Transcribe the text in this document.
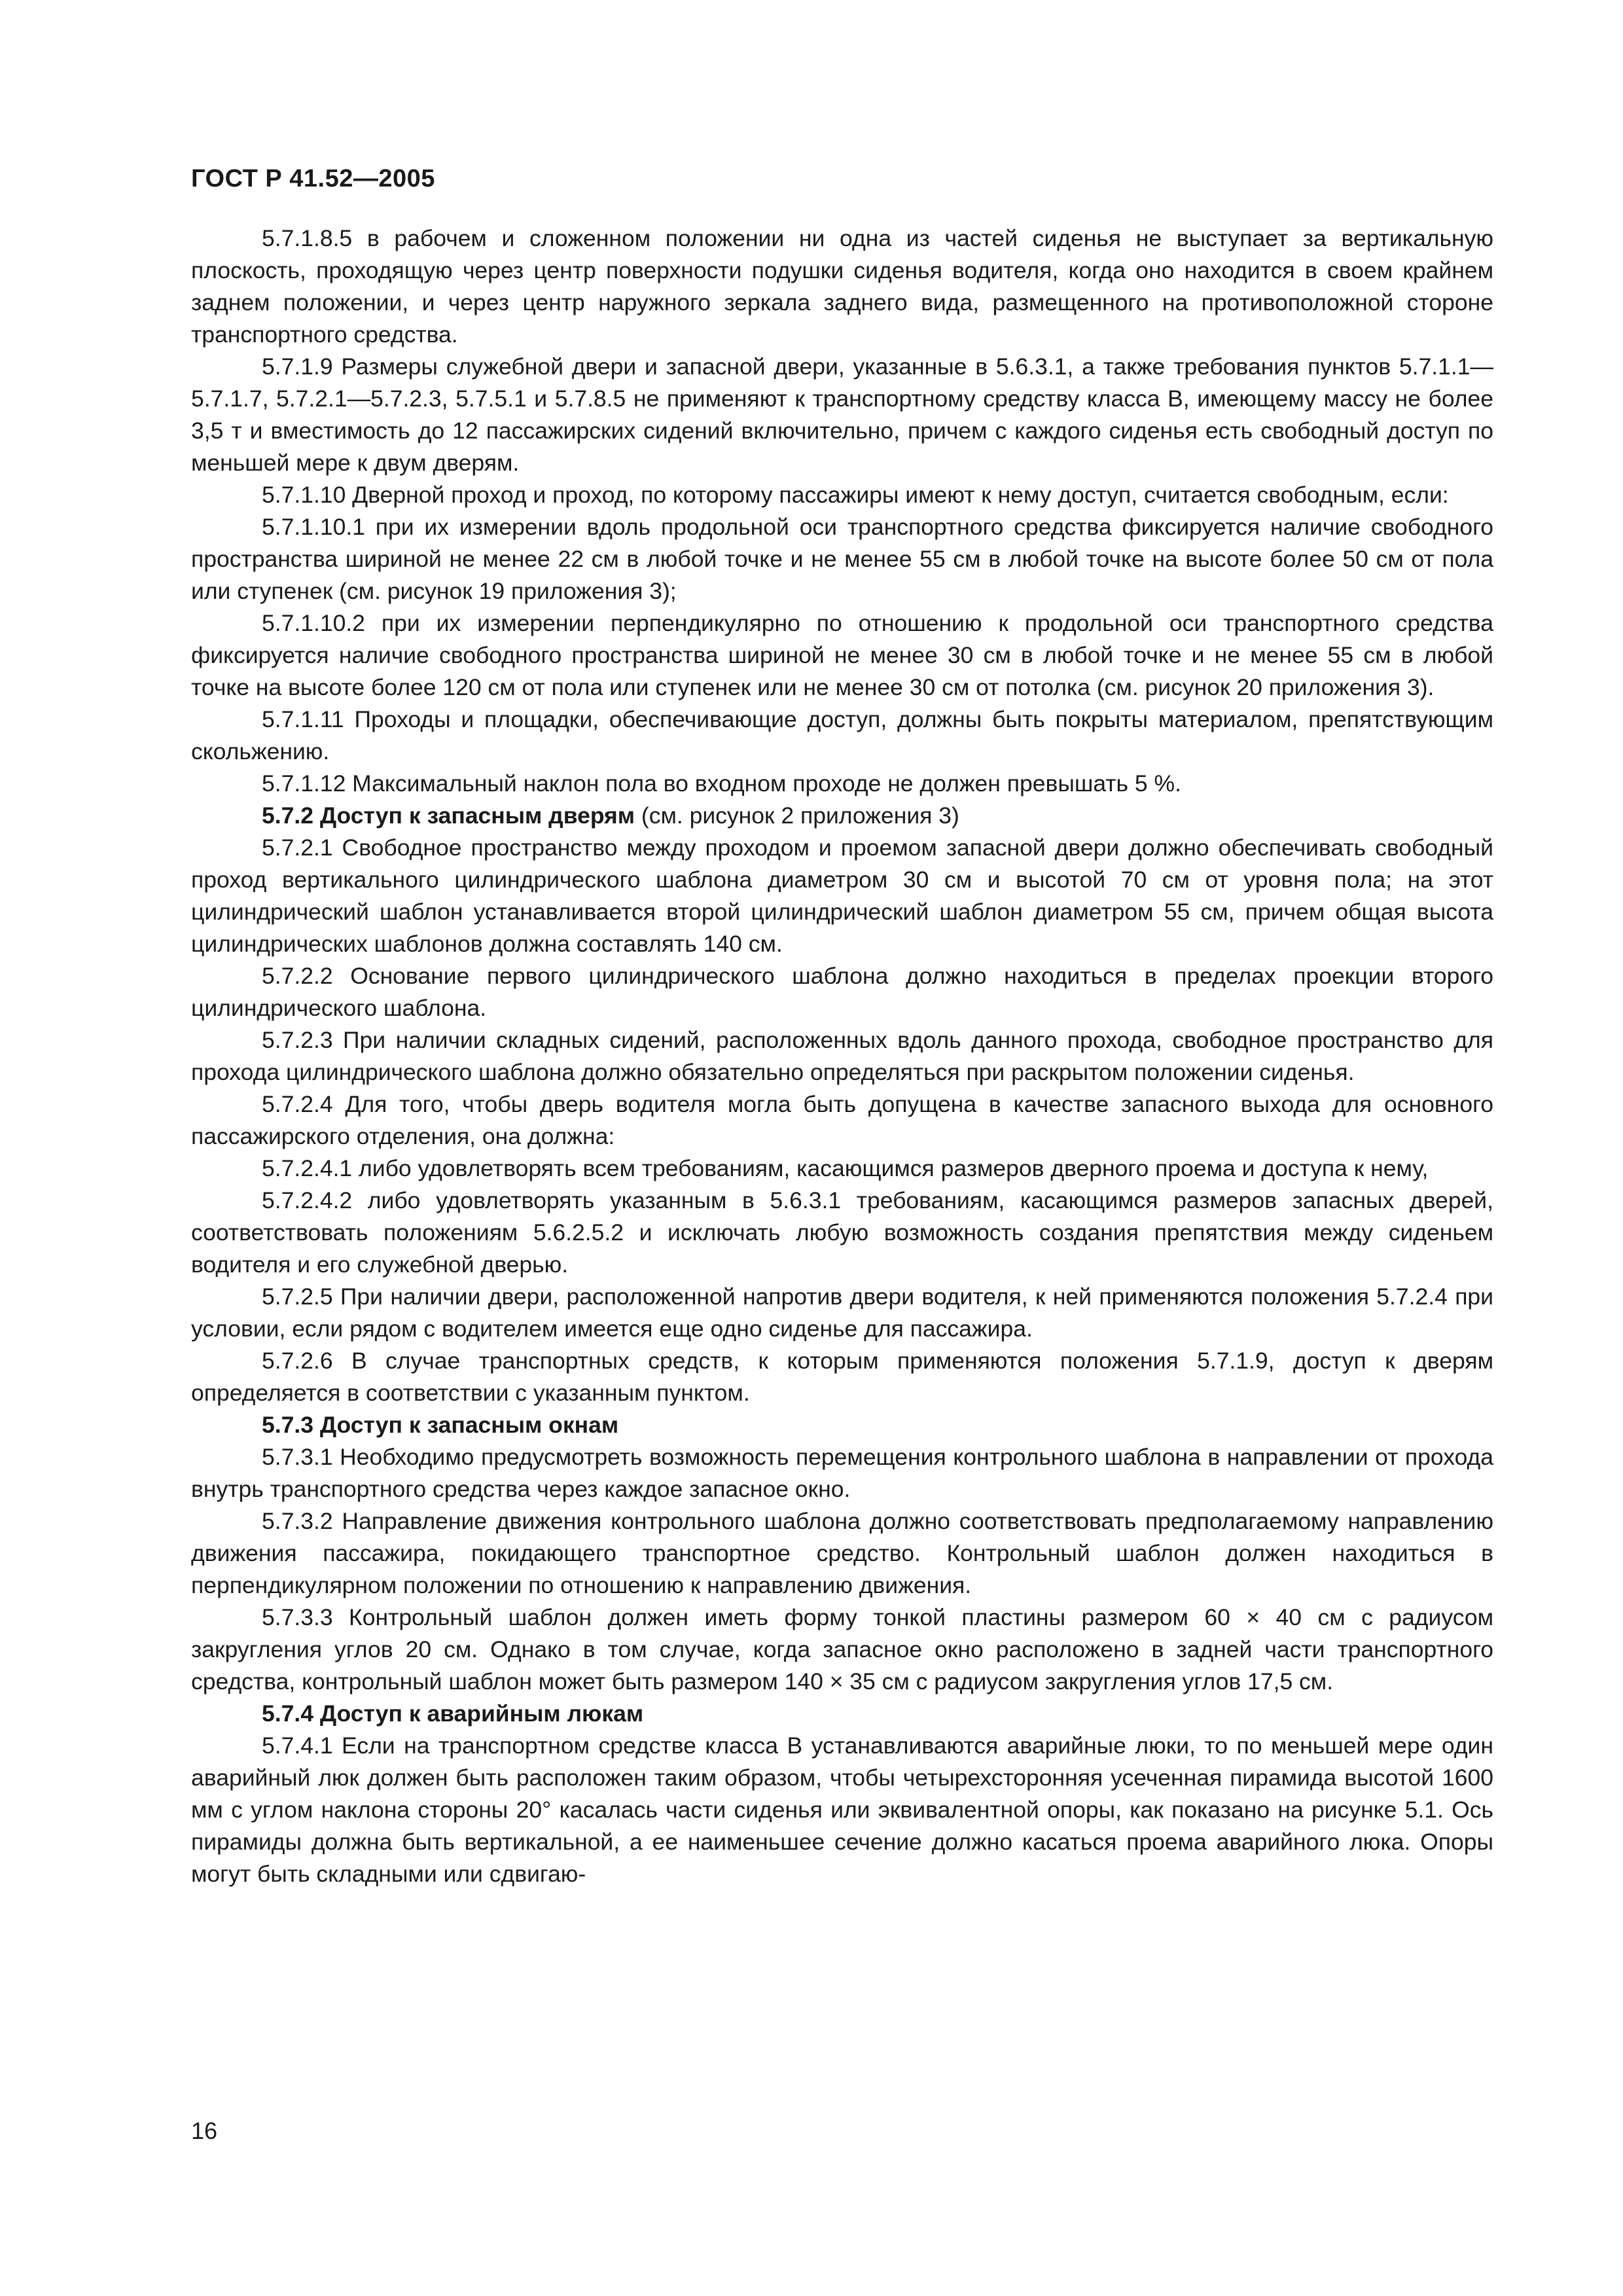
ГОСТ Р 41.52—2005

5.7.1.8.5 в рабочем и сложенном положении ни одна из частей сиденья не выступает за вертикальную плоскость, проходящую через центр поверхности подушки сиденья водителя, когда оно находится в своем крайнем заднем положении, и через центр наружного зеркала заднего вида, размещенного на противоположной стороне транспортного средства.

5.7.1.9 Размеры служебной двери и запасной двери, указанные в 5.6.3.1, а также требования пунктов 5.7.1.1—5.7.1.7, 5.7.2.1—5.7.2.3, 5.7.5.1 и 5.7.8.5 не применяют к транспортному средству класса В, имеющему массу не более 3,5 т и вместимость до 12 пассажирских сидений включительно, причем с каждого сиденья есть свободный доступ по меньшей мере к двум дверям.

5.7.1.10 Дверной проход и проход, по которому пассажиры имеют к нему доступ, считается свободным, если:

5.7.1.10.1 при их измерении вдоль продольной оси транспортного средства фиксируется наличие свободного пространства шириной не менее 22 см в любой точке и не менее 55 см в любой точке на высоте более 50 см от пола или ступенек (см. рисунок 19 приложения 3);

5.7.1.10.2 при их измерении перпендикулярно по отношению к продольной оси транспортного средства фиксируется наличие свободного пространства шириной не менее 30 см в любой точке и не менее 55 см в любой точке на высоте более 120 см от пола или ступенек или не менее 30 см от потолка (см. рисунок 20 приложения 3).

5.7.1.11 Проходы и площадки, обеспечивающие доступ, должны быть покрыты материалом, препятствующим скольжению.

5.7.1.12 Максимальный наклон пола во входном проходе не должен превышать 5 %.

5.7.2 Доступ к запасным дверям (см. рисунок 2 приложения 3)

5.7.2.1 Свободное пространство между проходом и проемом запасной двери должно обеспечивать свободный проход вертикального цилиндрического шаблона диаметром 30 см и высотой 70 см от уровня пола; на этот цилиндрический шаблон устанавливается второй цилиндрический шаблон диаметром 55 см, причем общая высота цилиндрических шаблонов должна составлять 140 см.

5.7.2.2 Основание первого цилиндрического шаблона должно находиться в пределах проекции второго цилиндрического шаблона.

5.7.2.3 При наличии складных сидений, расположенных вдоль данного прохода, свободное пространство для прохода цилиндрического шаблона должно обязательно определяться при раскрытом положении сиденья.

5.7.2.4 Для того, чтобы дверь водителя могла быть допущена в качестве запасного выхода для основного пассажирского отделения, она должна:

5.7.2.4.1 либо удовлетворять всем требованиям, касающимся размеров дверного проема и доступа к нему,

5.7.2.4.2 либо удовлетворять указанным в 5.6.3.1 требованиям, касающимся размеров запасных дверей, соответствовать положениям 5.6.2.5.2 и исключать любую возможность создания препятствия между сиденьем водителя и его служебной дверью.

5.7.2.5 При наличии двери, расположенной напротив двери водителя, к ней применяются положения 5.7.2.4 при условии, если рядом с водителем имеется еще одно сиденье для пассажира.

5.7.2.6 В случае транспортных средств, к которым применяются положения 5.7.1.9, доступ к дверям определяется в соответствии с указанным пунктом.

5.7.3 Доступ к запасным окнам

5.7.3.1 Необходимо предусмотреть возможность перемещения контрольного шаблона в направлении от прохода внутрь транспортного средства через каждое запасное окно.

5.7.3.2 Направление движения контрольного шаблона должно соответствовать предполагаемому направлению движения пассажира, покидающего транспортное средство. Контрольный шаблон должен находиться в перпендикулярном положении по отношению к направлению движения.

5.7.3.3 Контрольный шаблон должен иметь форму тонкой пластины размером 60 × 40 см с радиусом закругления углов 20 см. Однако в том случае, когда запасное окно расположено в задней части транспортного средства, контрольный шаблон может быть размером 140 × 35 см с радиусом закругления углов 17,5 см.

5.7.4 Доступ к аварийным люкам

5.7.4.1 Если на транспортном средстве класса В устанавливаются аварийные люки, то по меньшей мере один аварийный люк должен быть расположен таким образом, чтобы четырехсторонняя усеченная пирамида высотой 1600 мм с углом наклона стороны 20° касалась части сиденья или эквивалентной опоры, как показано на рисунке 5.1. Ось пирамиды должна быть вертикальной, а ее наименьшее сечение должно касаться проема аварийного люка. Опоры могут быть складными или сдвигаю-

16
